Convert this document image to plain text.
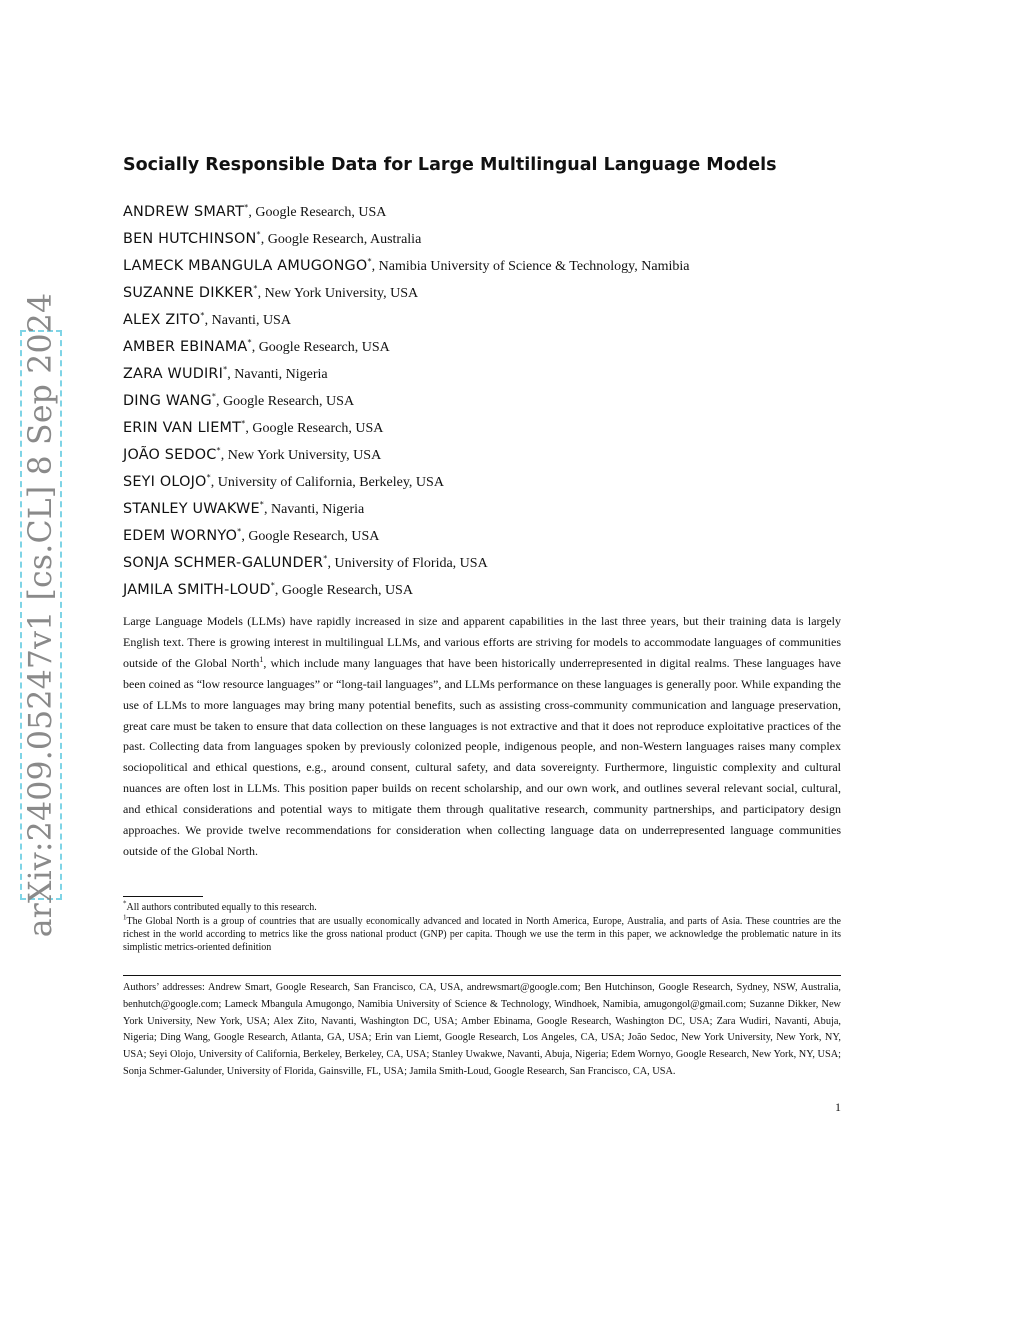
arXiv:2409.05247v1 [cs.CL] 8 Sep 2024
Socially Responsible Data for Large Multilingual Language Models
ANDREW SMART*, Google Research, USA
BEN HUTCHINSON*, Google Research, Australia
LAMECK MBANGULA AMUGONGO*, Namibia University of Science & Technology, Namibia
SUZANNE DIKKER*, New York University, USA
ALEX ZITO*, Navanti, USA
AMBER EBINAMA*, Google Research, USA
ZARA WUDIRI*, Navanti, Nigeria
DING WANG*, Google Research, USA
ERIN VAN LIEMT*, Google Research, USA
JOÃO SEDOC*, New York University, USA
SEYI OLOJO*, University of California, Berkeley, USA
STANLEY UWAKWE*, Navanti, Nigeria
EDEM WORNYO*, Google Research, USA
SONJA SCHMER-GALUNDER*, University of Florida, USA
JAMILA SMITH-LOUD*, Google Research, USA

Large Language Models (LLMs) have rapidly increased in size and apparent capabilities in the last three years, but their training data is largely English text. There is growing interest in multilingual LLMs, and various efforts are striving for models to accommodate languages of communities outside of the Global North$^1$, which include many languages that have been historically underrepresented in digital realms. These languages have been coined as “low resource languages” or “long-tail languages”, and LLMs performance on these languages is generally poor. While expanding the use of LLMs to more languages may bring many potential benefits, such as assisting cross-community communication and language preservation, great care must be taken to ensure that data collection on these languages is not extractive and that it does not reproduce exploitative practices of the past. Collecting data from languages spoken by previously colonized people, indigenous people, and non-Western languages raises many complex sociopolitical and ethical questions, e.g., around consent, cultural safety, and data sovereignty. Furthermore, linguistic complexity and cultural nuances are often lost in LLMs. This position paper builds on recent scholarship, and our own work, and outlines several relevant social, cultural, and ethical considerations and potential ways to mitigate them through qualitative research, community partnerships, and participatory design approaches. We provide twelve recommendations for consideration when collecting language data on underrepresented language communities outside of the Global North.

*All authors contributed equally to this research.

$^1$The Global North is a group of countries that are usually economically advanced and located in North America, Europe, Australia, and parts of Asia. These countries are the richest in the world according to metrics like the gross national product (GNP) per capita. Though we use the term in this paper, we acknowledge the problematic nature in its simplistic metrics-oriented definition

Authors’ addresses: Andrew Smart, Google Research, San Francisco, CA, USA, andrewsmart@google.com; Ben Hutchinson, Google Research, Sydney, NSW, Australia, benhutch@google.com; Lameck Mbangula Amugongo, Namibia University of Science & Technology, Windhoek, Namibia, amugongol@gmail.com; Suzanne Dikker, New York University, New York, USA; Alex Zito, Navanti, Washington DC, USA; Amber Ebinama, Google Research, Washington DC, USA; Zara Wudiri, Navanti, Abuja, Nigeria; Ding Wang, Google Research, Atlanta, GA, USA; Erin van Liemt, Google Research, Los Angeles, CA, USA; João Sedoc, New York University, New York, NY, USA; Seyi Olojo, University of California, Berkeley, Berkeley, CA, USA; Stanley Uwakwe, Navanti, Abuja, Nigeria; Edem Wornyo, Google Research, New York, NY, USA; Sonja Schmer-Galunder, University of Florida, Gainsville, FL, USA; Jamila Smith-Loud, Google Research, San Francisco, CA, USA.

1
